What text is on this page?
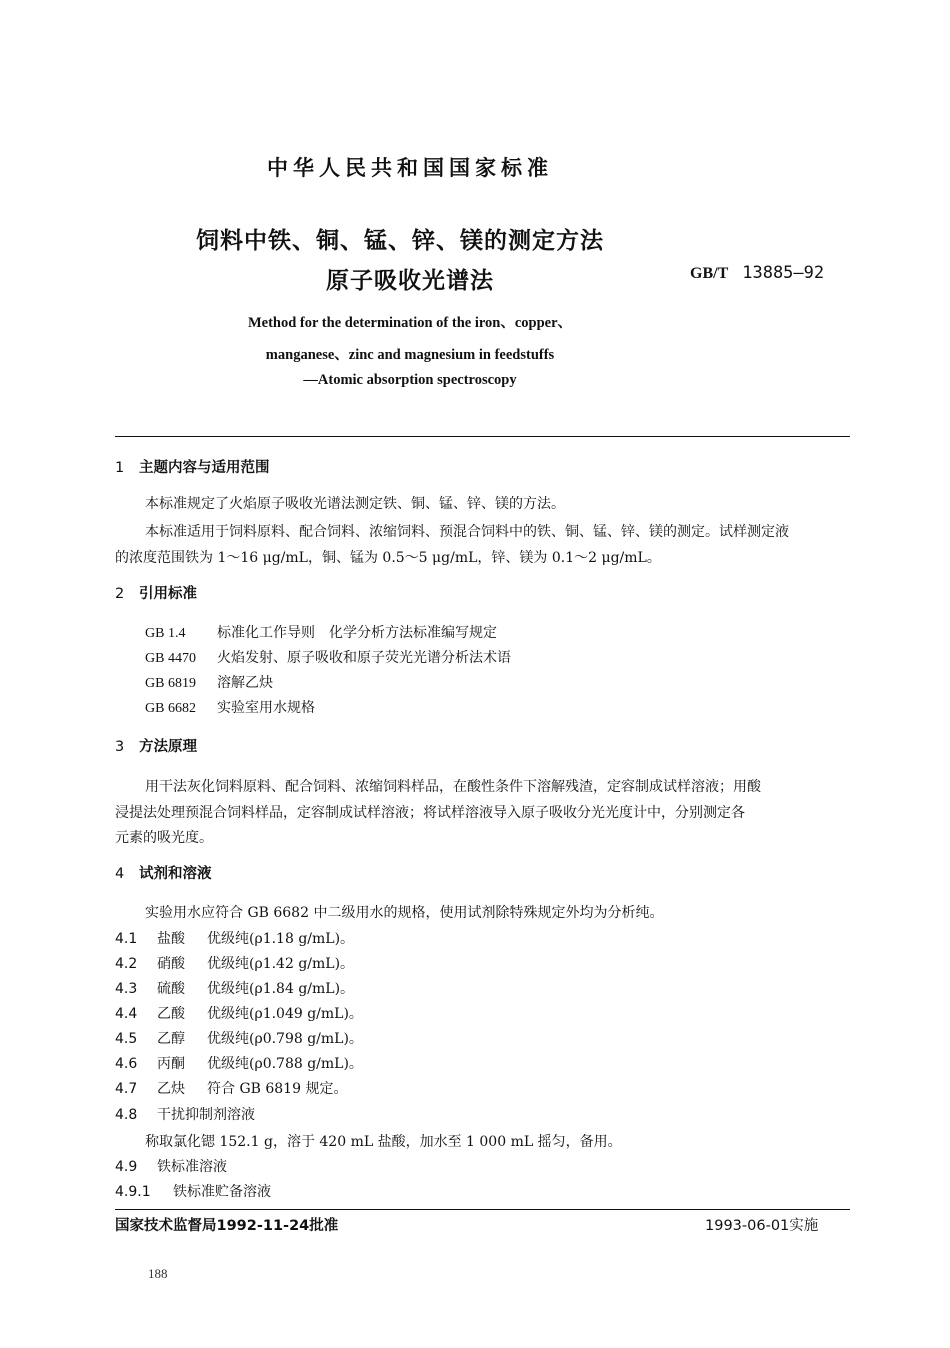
中华人民共和国国家标准
饲料中铁、铜、锰、锌、镁的测定方法
原子吸收光谱法	GB/T 13885—92
Method for the determination of the iron、copper、
manganese、zinc and magnesium in feedstuffs
—Atomic absorption spectroscopy
1 主题内容与适用范围
本标准规定了火焰原子吸收光谱法测定铁、铜、锰、锌、镁的方法。
本标准适用于饲料原料、配合饲料、浓缩饲料、预混合饲料中的铁、铜、锰、锌、镁的测定。试样测定液
的浓度范围铁为 1～16 μg/mL，铜、锰为 0.5～5 μg/mL，锌、镁为 0.1～2 μg/mL。
2 引用标准
GB 1.4 标准化工作导则　化学分析方法标准编写规定
GB 4470 火焰发射、原子吸收和原子荧光光谱分析法术语
GB 6819 溶解乙炔
GB 6682 实验室用水规格
3 方法原理
用干法灰化饲料原料、配合饲料、浓缩饲料样品，在酸性条件下溶解残渣，定容制成试样溶液；用酸
浸提法处理预混合饲料样品，定容制成试样溶液；将试样溶液导入原子吸收分光光度计中，分别测定各
元素的吸光度。
4 试剂和溶液
实验用水应符合 GB 6682 中二级用水的规格，使用试剂除特殊规定外均为分析纯。
4.1 盐酸 优级纯(ρ1.18 g/mL)。
4.2 硝酸 优级纯(ρ1.42 g/mL)。
4.3 硫酸 优级纯(ρ1.84 g/mL)。
4.4 乙酸 优级纯(ρ1.049 g/mL)。
4.5 乙醇 优级纯(ρ0.798 g/mL)。
4.6 丙酮 优级纯(ρ0.788 g/mL)。
4.7 乙炔 符合 GB 6819 规定。
4.8 干扰抑制剂溶液
称取氯化锶 152.1 g，溶于 420 mL 盐酸，加水至 1 000 mL 摇匀，备用。
4.9 铁标准溶液
4.9.1 铁标准贮备溶液
国家技术监督局1992-11-24批准	1993-06-01实施
188
